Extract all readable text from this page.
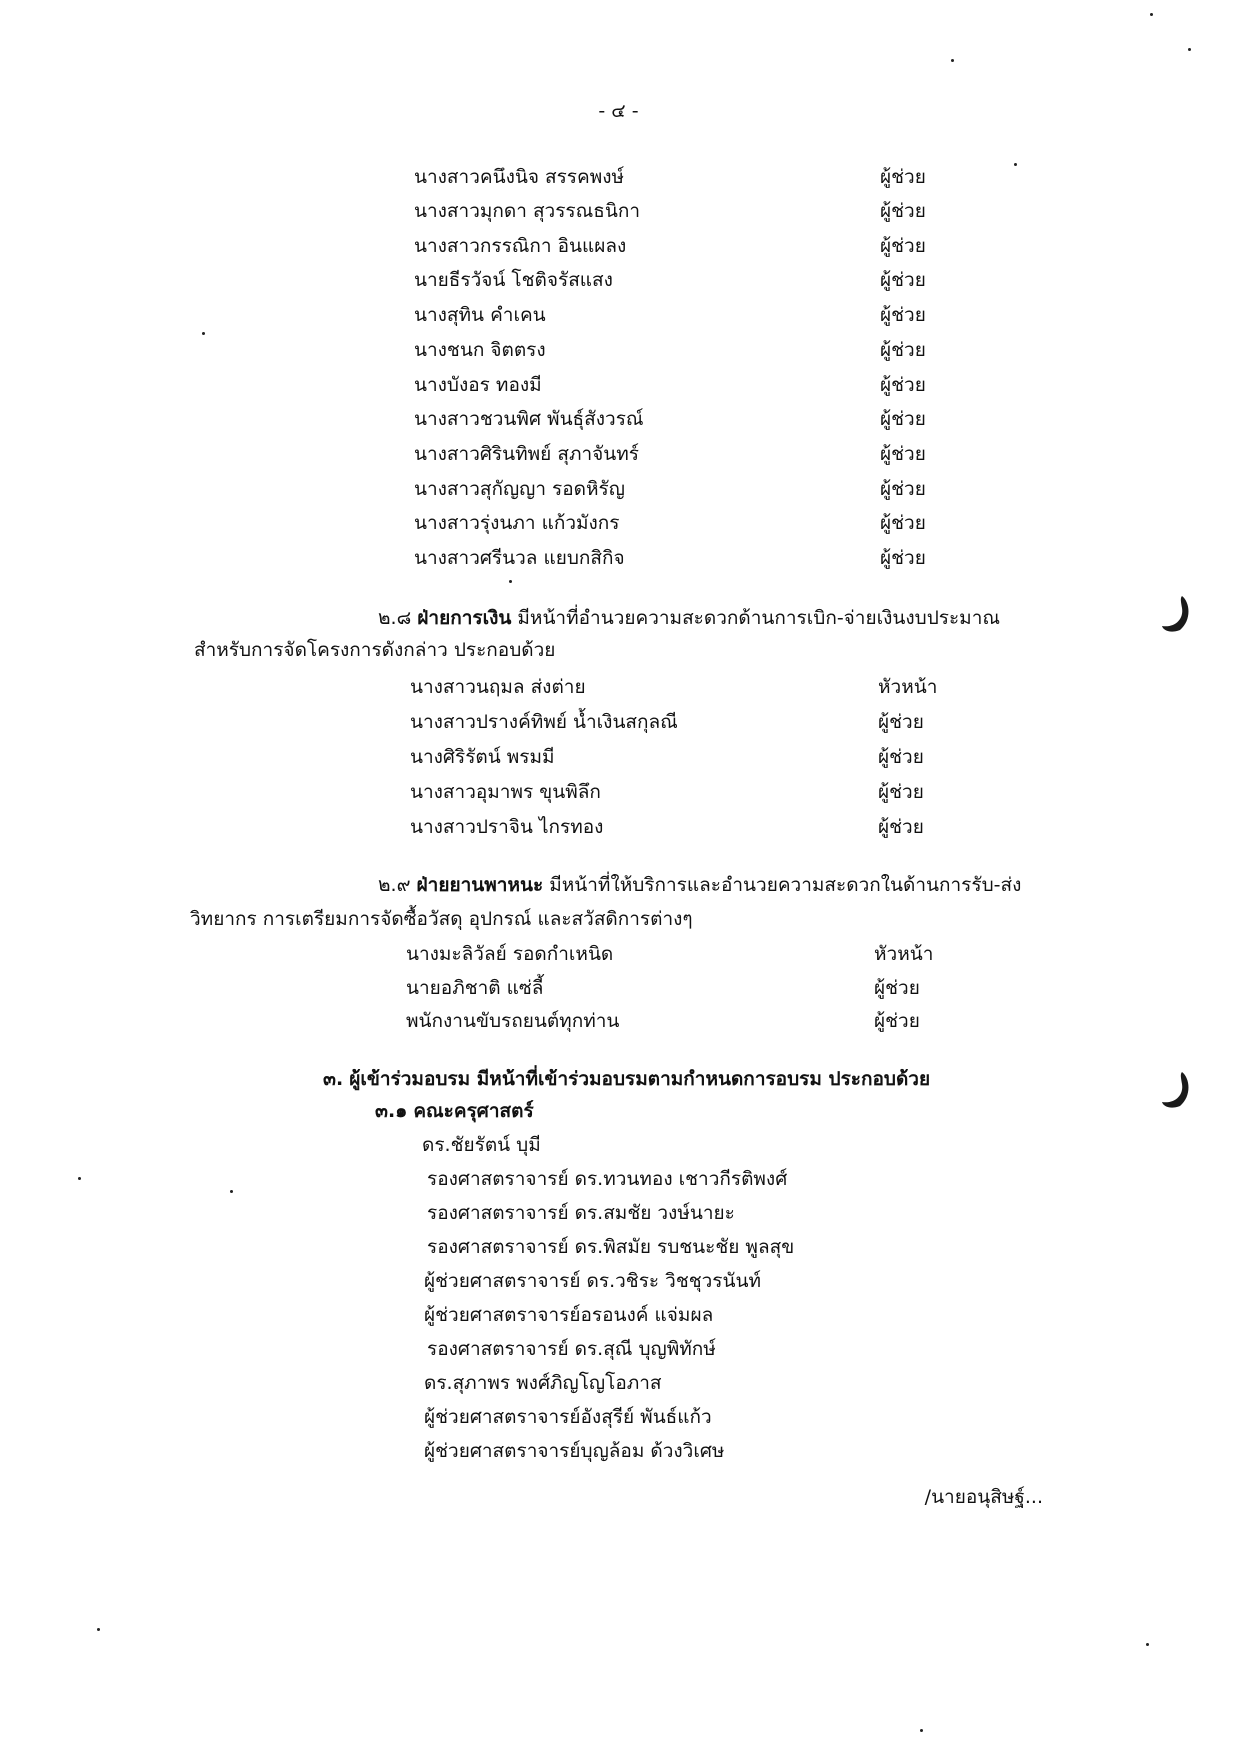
- ๔ -
นางสาวคนึงนิจ สรรคพงษ์	ผู้ช่วย
นางสาวมุกดา สุวรรณธนิกา	ผู้ช่วย
นางสาวกรรณิกา อินแผลง	ผู้ช่วย
นายธีรวัจน์ โชติจรัสแสง	ผู้ช่วย
นางสุทิน คำเคน	ผู้ช่วย
นางชนก จิตตรง	ผู้ช่วย
นางบังอร ทองมี	ผู้ช่วย
นางสาวชวนพิศ พันธุ์สังวรณ์	ผู้ช่วย
นางสาวศิรินทิพย์ สุภาจันทร์	ผู้ช่วย
นางสาวสุกัญญา รอดหิรัญ	ผู้ช่วย
นางสาวรุ่งนภา แก้วมังกร	ผู้ช่วย
นางสาวศรีนวล แยบกสิกิจ	ผู้ช่วย
๒.๘ ฝ่ายการเงิน มีหน้าที่อำนวยความสะดวกด้านการเบิก-จ่ายเงินงบประมาณ
สำหรับการจัดโครงการดังกล่าว ประกอบด้วย
นางสาวนฤมล ส่งต่าย	หัวหน้า
นางสาวปรางค์ทิพย์ น้ำเงินสกุลณี	ผู้ช่วย
นางศิริรัตน์ พรมมี	ผู้ช่วย
นางสาวอุมาพร ขุนพิลึก	ผู้ช่วย
นางสาวปราจิน ไกรทอง	ผู้ช่วย
๒.๙ ฝ่ายยานพาหนะ มีหน้าที่ให้บริการและอำนวยความสะดวกในด้านการรับ-ส่ง
วิทยากร การเตรียมการจัดซื้อวัสดุ อุปกรณ์ และสวัสดิการต่างๆ
นางมะลิวัลย์ รอดกำเหนิด	หัวหน้า
นายอภิชาติ แซ่ลี้	ผู้ช่วย
พนักงานขับรถยนต์ทุกท่าน	ผู้ช่วย
๓. ผู้เข้าร่วมอบรม มีหน้าที่เข้าร่วมอบรมตามกำหนดการอบรม ประกอบด้วย
๓.๑ คณะครุศาสตร์
ดร.ชัยรัตน์ บุมี
รองศาสตราจารย์ ดร.ทวนทอง เชาวกีรติพงศ์
รองศาสตราจารย์ ดร.สมชัย วงษ์นายะ
รองศาสตราจารย์ ดร.พิสมัย รบชนะชัย พูลสุข
ผู้ช่วยศาสตราจารย์ ดร.วชิระ วิชชุวรนันท์
ผู้ช่วยศาสตราจารย์อรอนงค์ แจ่มผล
รองศาสตราจารย์ ดร.สุณี บุญพิทักษ์
ดร.สุภาพร พงศ์ภิญโญโอภาส
ผู้ช่วยศาสตราจารย์อังสุรีย์ พันธ์แก้ว
ผู้ช่วยศาสตราจารย์บุญล้อม ด้วงวิเศษ
/นายอนุสิษฐ์...
